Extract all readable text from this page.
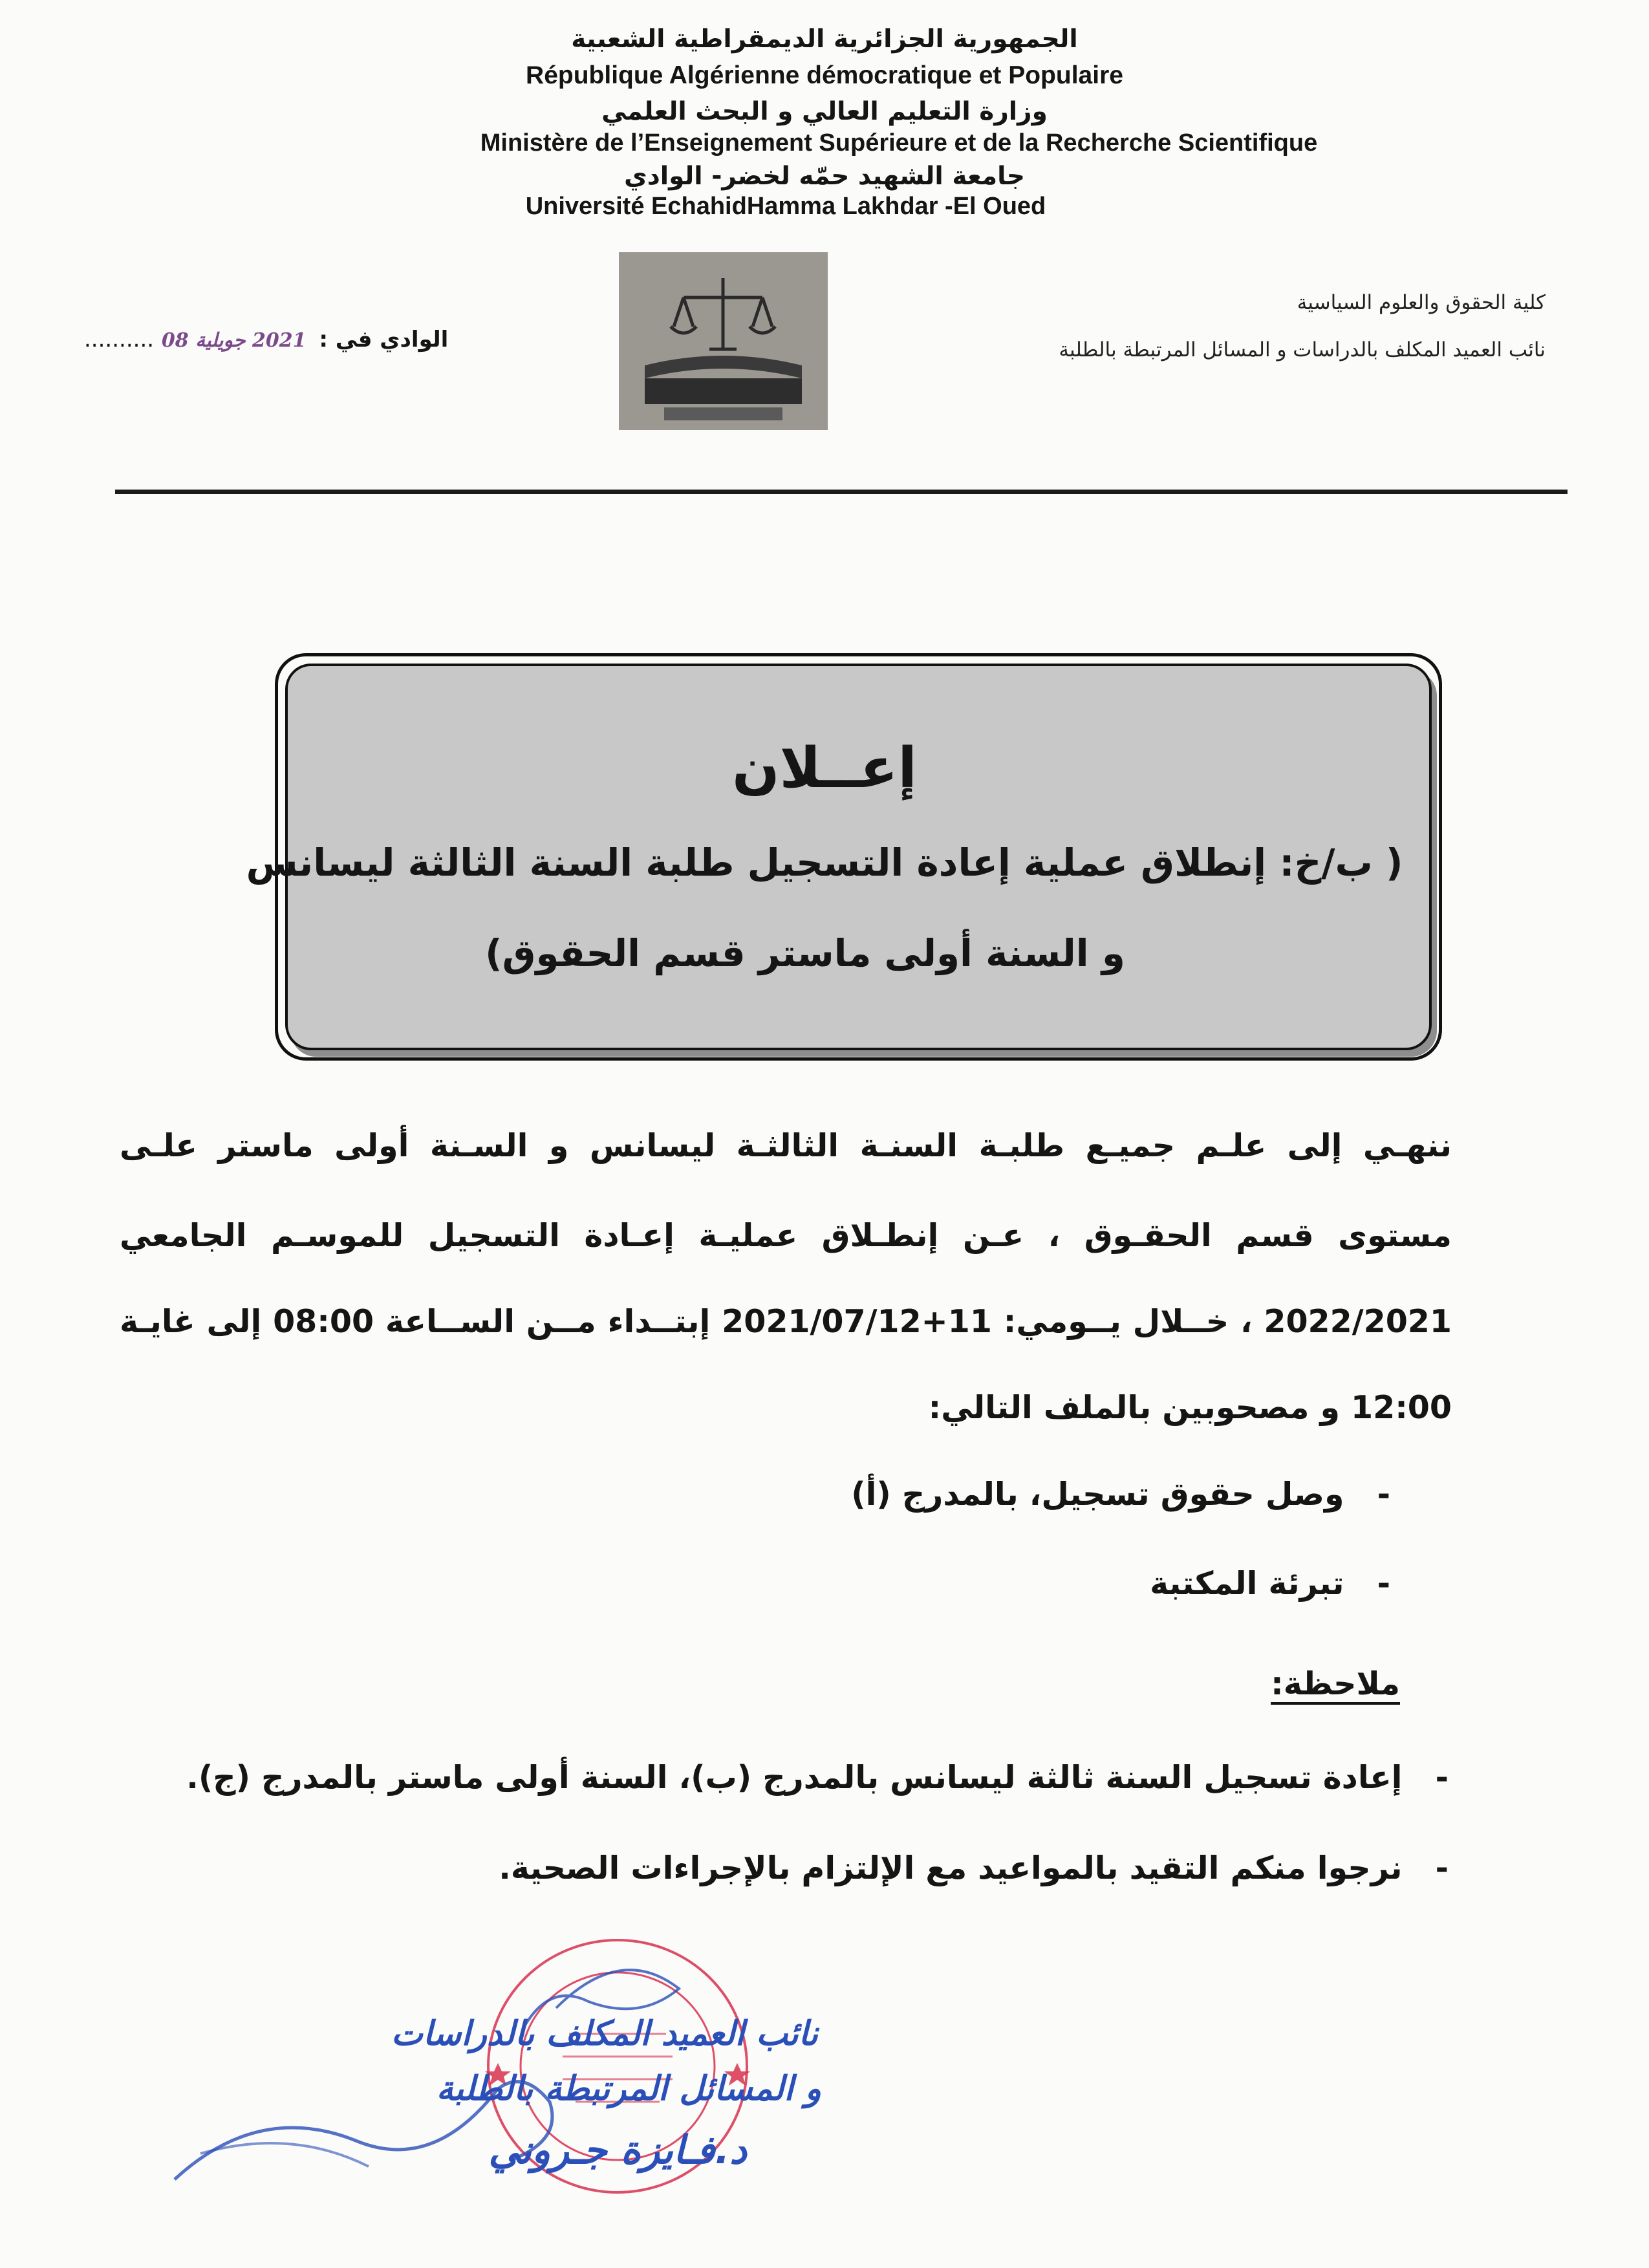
الجمهورية الجزائرية الديمقراطية الشعبية
République Algérienne démocratique et Populaire
وزارة التعليم العالي و البحث العلمي
Ministère de l’Enseignement Supérieure et de la Recherche Scientifique
جامعة الشهيد حمّه لخضر- الوادي
Université EchahidHamma Lakhdar -El Oued
كلية الحقوق والعلوم السياسية
نائب العميد المكلف بالدراسات و المسائل المرتبطة بالطلبة
الوادي في : 2021 جويلية 08 ..........
إعــلان
( ب/خ: إنطلاق عملية إعادة التسجيل طلبة السنة الثالثة ليسانس
و السنة أولى ماستر قسم الحقوق)
ننهـي إلى علـم جميـع طلبـة السنـة الثالثـة ليسانس و السـنة أولى ماستر علـى
مستوى قسم الحقـوق ، عـن إنطـلاق عمليـة إعـادة التسجيل للموسـم الجامعي
2022/2021 ، خــلال يــومي: 11+2021/07/12 إبتــداء مــن الســاعة 08:00 إلى غايـة
12:00 و مصحوبين بالملف التالي:
-   وصل حقوق تسجيل، بالمدرج (أ)
-   تبرئة المكتبة
ملاحظة:
-   إعادة تسجيل السنة ثالثة ليسانس بالمدرج (ب)، السنة أولى ماستر بالمدرج (ج).
-   نرجوا منكم التقيد بالمواعيد مع الإلتزام بالإجراءات الصحية.
نائب العميد المكلف بالدراسات
و المسائل المرتبطة بالطلبة
د.فـايزة جـروني
